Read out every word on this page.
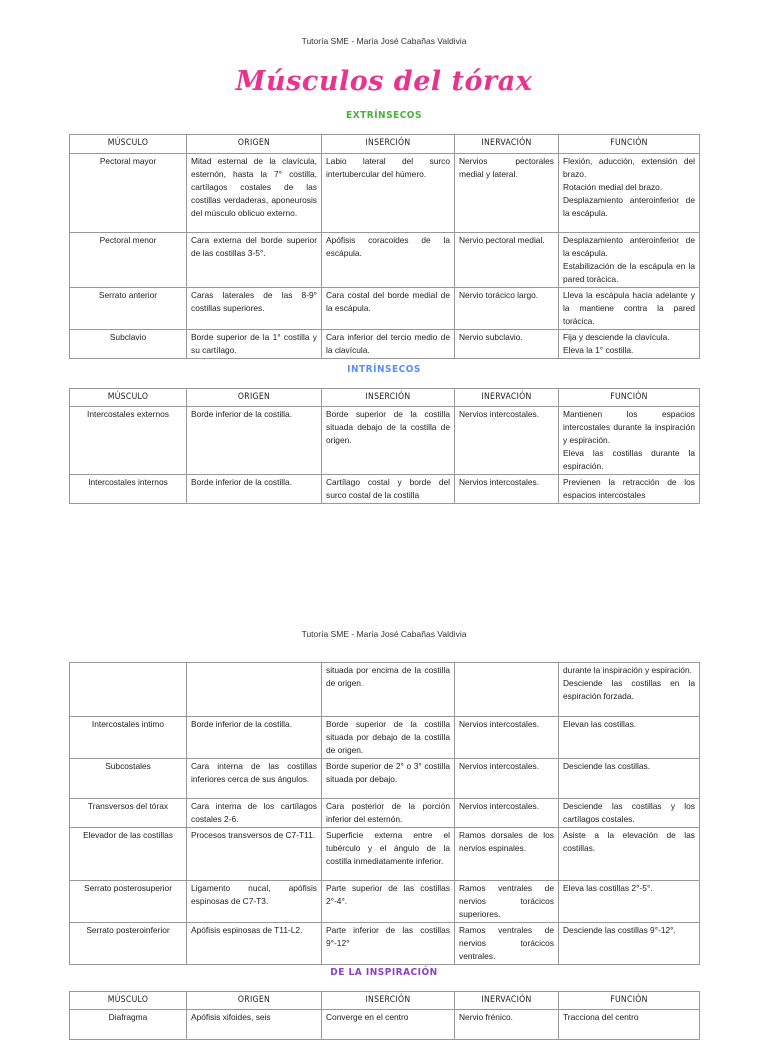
Tutoría SME - María José Cabañas Valdivia
Músculos del tórax
EXTRÍNSECOS
MÚSCULO	ORIGEN	INSERCIÓN	INERVACIÓN	FUNCIÓN

Pectoral mayor	Mitad esternal de la clavícula, esternón, hasta la 7° costilla, cartílagos costales de las costillas verdaderas, aponeurosis del músculo oblicuo externo.	Labio lateral del surco intertubercular del húmero.	Nervios pectorales medial y lateral.	Flexión, aducción, extensión del brazo.
Rotación medial del brazo.
Desplazamiento anteroinferior de la escápula.

Pectoral menor	Cara externa del borde superior de las costillas 3-5°.	Apófisis coracoides de la escápula.	Nervio pectoral medial.	Desplazamiento anteroinferior de la escápula.
Estabilización de la escápula en la pared torácica.

Serrato anterior	Caras laterales de las 8-9° costillas superiores.	Cara costal del borde medial de la escápula.	Nervio torácico largo.	Lleva la escápula hacia adelante y la mantiene contra la pared torácica.

Subclavio	Borde superior de la 1° costilla y su cartílago.	Cara inferior del tercio medio de la clavícula.	Nervio subclavio.	Fija y desciende la clavícula.
Eleva la 1° costilla.
INTRÍNSECOS
MÚSCULO	ORIGEN	INSERCIÓN	INERVACIÓN	FUNCIÓN

Intercostales externos	Borde inferior de la costilla.	Borde superior de la costilla situada debajo de la costilla de origen.	Nervios intercostales.	Mantienen los espacios intercostales durante la inspiración y espiración.
Eleva las costillas durante la espiración.

Intercostales internos	Borde inferior de la costilla.	Cartílago costal y borde del surco costal de la costilla	Nervios intercostales.	Previenen la retracción de los espacios intercostales
Tutoría SME - María José Cabañas Valdivia

		situada por encima de la costilla de origen.		durante la inspiración y espiración.
Desciende las costillas en la espiración forzada.

Intercostales intimo	Borde inferior de la costilla.	Borde superior de la costilla situada por debajo de la costilla de origen.	Nervios intercostales.	Elevan las costillas.

Subcostales	Cara interna de las costillas inferiores cerca de sus ángulos.	Borde superior de 2° o 3° costilla situada por debajo.	Nervios intercostales.	Desciende las costillas.

Transversos del tórax	Cara interna de los cartílagos costales 2-6.	Cara posterior de la porción inferior del esternón.	Nervios intercostales.	Desciende las costillas y los cartílagos costales.

Elevador de las costillas	Procesos transversos de C7-T11.	Superficie externa entre el tubérculo y el ángulo de la costilla inmediatamente inferior.	Ramos dorsales de los nervios espinales.	Asiste a la elevación de las costillas.

Serrato posterosuperior	Ligamento nucal, apófisis espinosas de C7-T3.	Parte superior de las costillas 2°-4°.	Ramos ventrales de nervios torácicos superiores.	Eleva las costillas 2°-5°.

Serrato posteroinferior	Apófisis espinosas de T11-L2.	Parte inferior de las costillas 9°-12°	Ramos ventrales de nervios torácicos ventrales.	Desciende las costillas 9°-12°.
DE LA INSPIRACIÓN
MÚSCULO	ORIGEN	INSERCIÓN	INERVACIÓN	FUNCIÓN

Diafragma	Apófisis xifoides, seis	Converge en el centro	Nervio frénico.	Tracciona del centro
